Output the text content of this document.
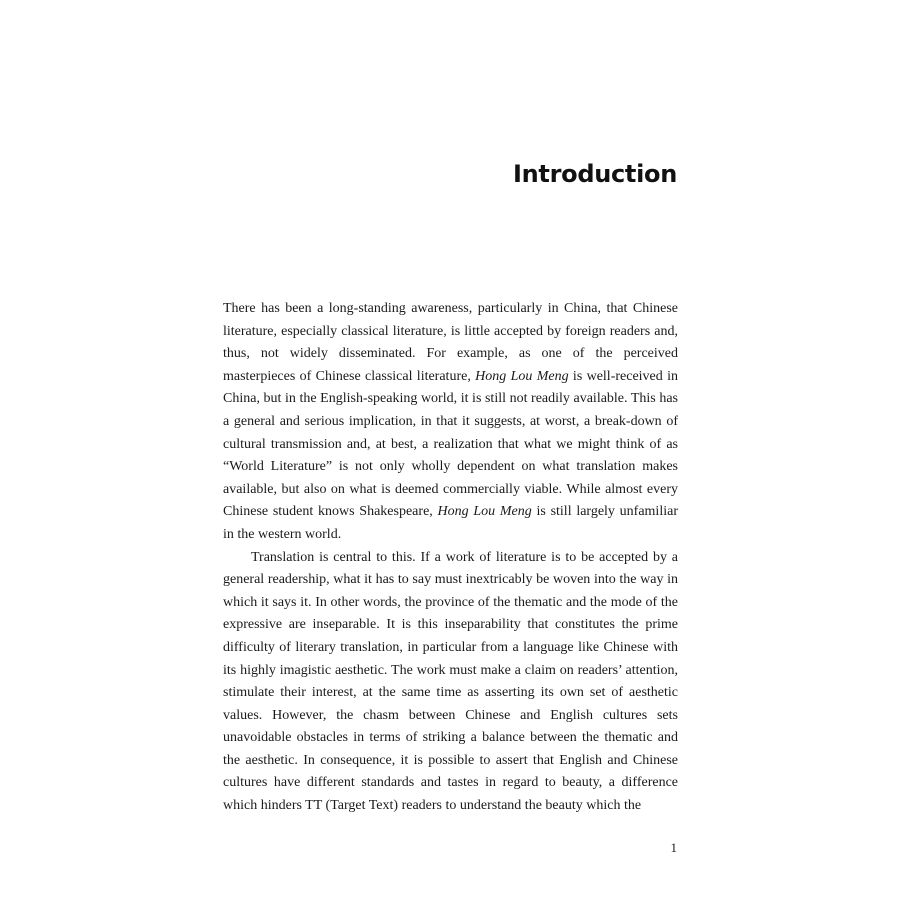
Introduction

There has been a long-standing awareness, particularly in China, that Chinese literature, especially classical literature, is little accepted by foreign readers and, thus, not widely disseminated. For example, as one of the perceived masterpieces of Chinese classical literature, Hong Lou Meng is well-received in China, but in the English-speaking world, it is still not readily available. This has a general and serious implication, in that it suggests, at worst, a break-down of cultural transmission and, at best, a realization that what we might think of as “World Literature” is not only wholly dependent on what translation makes available, but also on what is deemed commercially viable. While almost every Chinese student knows Shakespeare, Hong Lou Meng is still largely unfamiliar in the western world.

Translation is central to this. If a work of literature is to be accepted by a general readership, what it has to say must inextricably be woven into the way in which it says it. In other words, the province of the thematic and the mode of the expressive are inseparable. It is this inseparability that constitutes the prime difficulty of literary translation, in particular from a language like Chinese with its highly imagistic aesthetic. The work must make a claim on readers’ attention, stimulate their interest, at the same time as asserting its own set of aesthetic values. However, the chasm between Chinese and English cultures sets unavoidable obstacles in terms of striking a balance between the thematic and the aesthetic. In consequence, it is possible to assert that English and Chinese cultures have different standards and tastes in regard to beauty, a difference which hinders TT (Target Text) readers to understand the beauty which the

1
